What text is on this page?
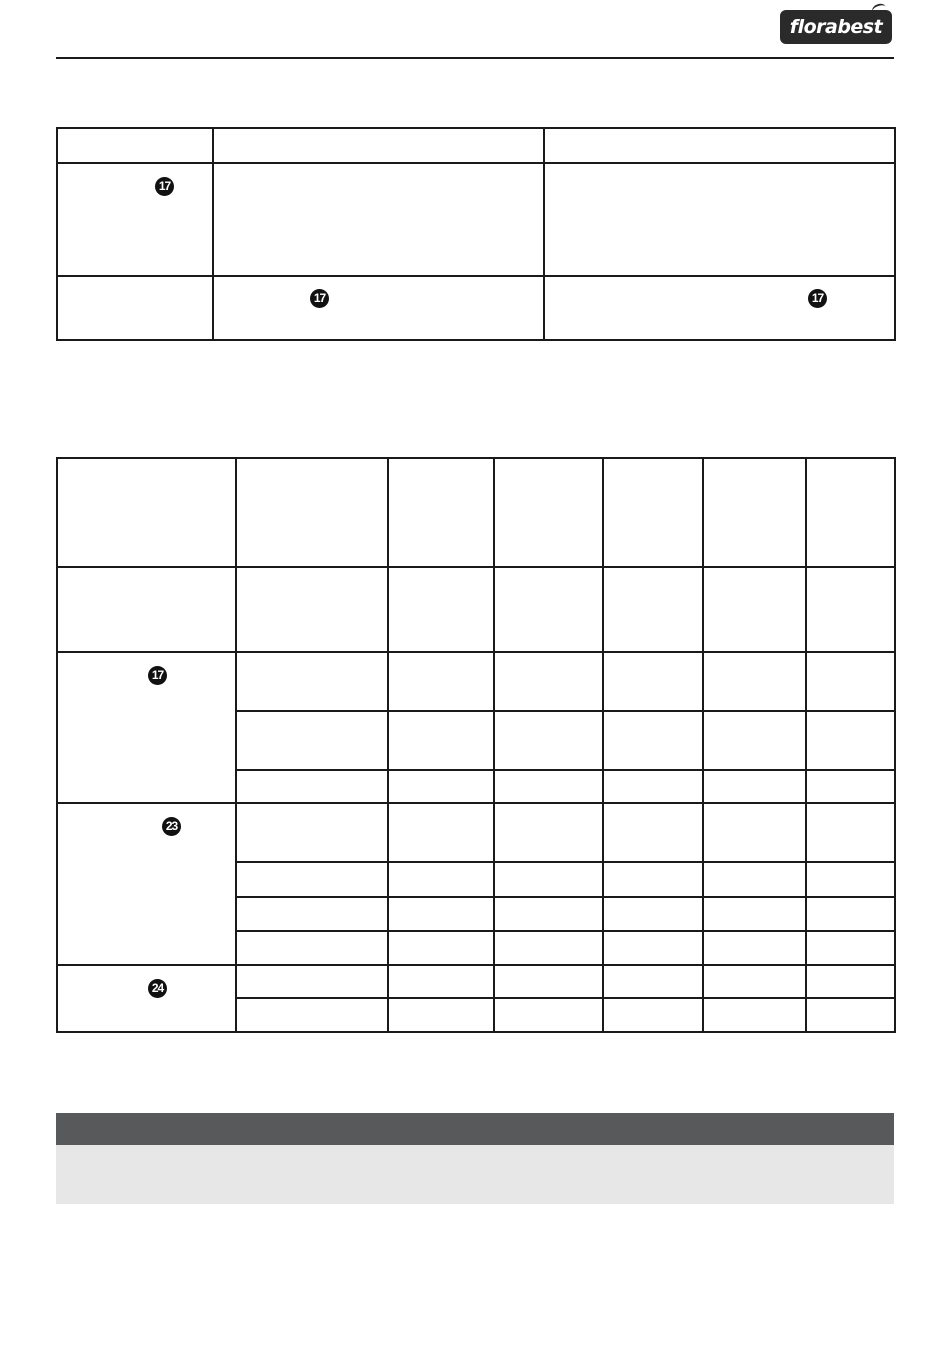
florabest

17		

	17	17

17						

23						

24						
